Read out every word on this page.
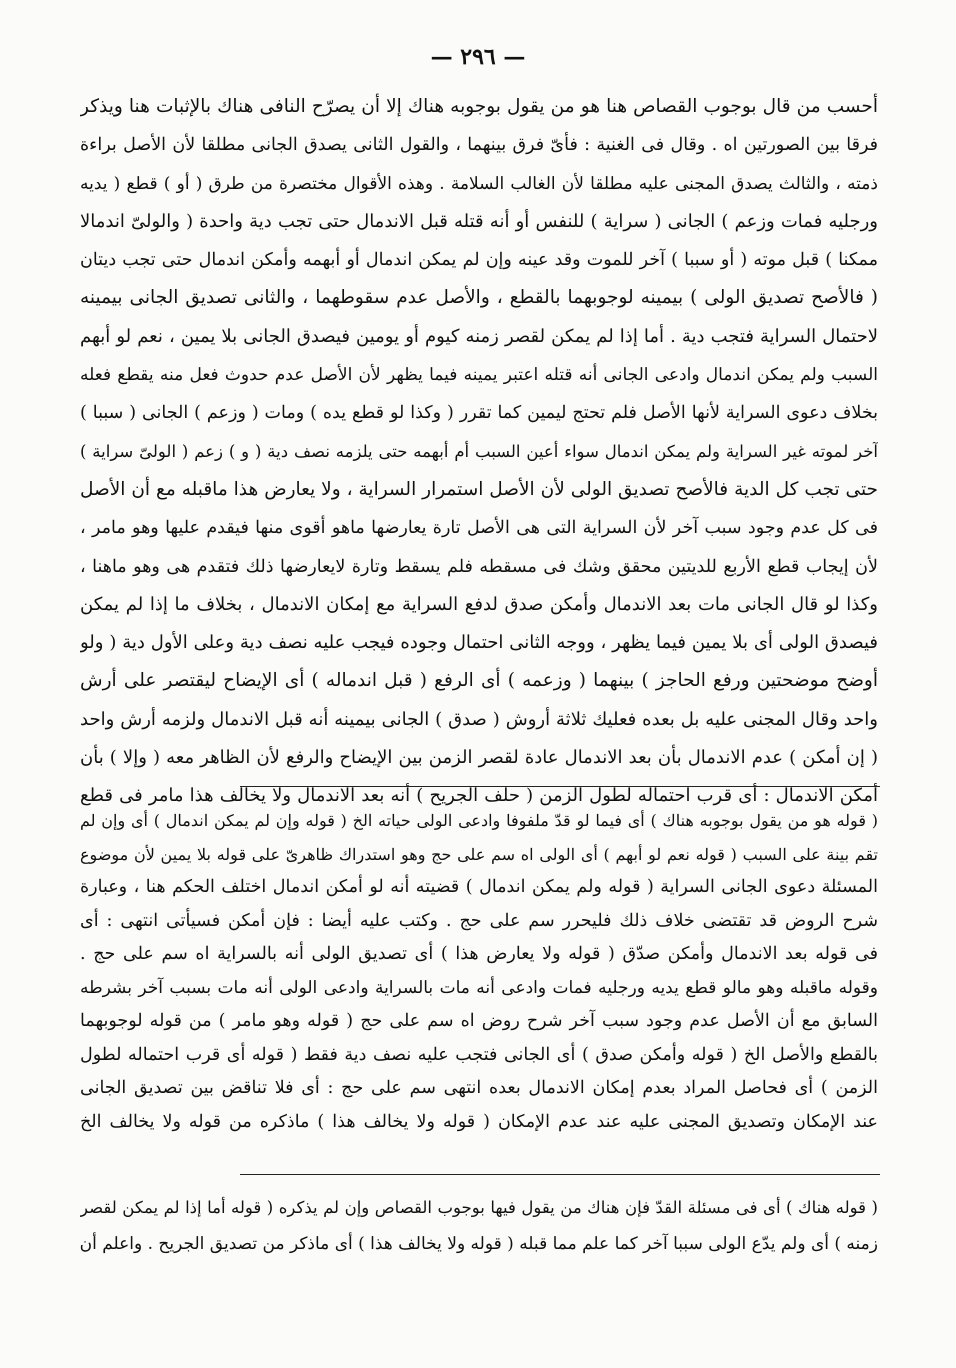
— ٢٩٦ —
أحسب من قال بوجوب القصاص هنا هو من يقول بوجوبه هناك إلا أن يصرّح النافى هناك بالإثبات هنا ويذكر
فرقا بين الصورتين اه . وقال فى الغنية : فأىّ فرق بينهما ، والقول الثانى يصدق الجانى مطلقا لأن الأصل براءة
ذمته ، والثالث يصدق المجنى عليه مطلقا لأن الغالب السلامة . وهذه الأقوال مختصرة من طرق ( أو ) قطع ( يديه
ورجليه فمات وزعم ) الجانى ( سراية ) للنفس أو أنه قتله قبل الاندمال حتى تجب دية واحدة ( والولىّ اندمالا
ممكنا ) قبل موته ( أو سببا ) آخر للموت وقد عينه وإن لم يمكن اندمال أو أبهمه وأمكن اندمال حتى تجب ديتان
( فالأصح تصديق الولى ) بيمينه لوجوبهما بالقطع ، والأصل عدم سقوطهما ، والثانى تصديق الجانى بيمينه
لاحتمال السراية فتجب دية . أما إذا لم يمكن لقصر زمنه كيوم أو يومين فيصدق الجانى بلا يمين ، نعم لو أبهم
السبب ولم يمكن اندمال وادعى الجانى أنه قتله اعتبر يمينه فيما يظهر لأن الأصل عدم حدوث فعل منه يقطع فعله
بخلاف دعوى السراية لأنها الأصل فلم تحتج ليمين كما تقرر ( وكذا لو قطع يده ) ومات ( وزعم ) الجانى ( سببا )
آخر لموته غير السراية ولم يمكن اندمال سواء أعين السبب أم أبهمه حتى يلزمه نصف دية ( و ) زعم ( الولىّ سراية )
حتى تجب كل الدية فالأصح تصديق الولى لأن الأصل استمرار السراية ، ولا يعارض هذا ماقبله مع أن الأصل
فى كل عدم وجود سبب آخر لأن السراية التى هى الأصل تارة يعارضها ماهو أقوى منها فيقدم عليها وهو مامر ،
لأن إيجاب قطع الأربع للديتين محقق وشك فى مسقطه فلم يسقط وتارة لايعارضها ذلك فتقدم هى وهو ماهنا ،
وكذا لو قال الجانى مات بعد الاندمال وأمكن صدق لدفع السراية مع إمكان الاندمال ، بخلاف ما إذا لم يمكن
فيصدق الولى أى بلا يمين فيما يظهر ، ووجه الثانى احتمال وجوده فيجب عليه نصف دية وعلى الأول دية ( ولو
أوضح موضحتين ورفع الحاجز ) بينهما ( وزعمه ) أى الرفع ( قبل اندماله ) أى الإيضاح ليقتصر على أرش
واحد وقال المجنى عليه بل بعده فعليك ثلاثة أروش ( صدق ) الجانى بيمينه أنه قبل الاندمال ولزمه أرش واحد
( إن أمكن ) عدم الاندمال بأن بعد الاندمال عادة لقصر الزمن بين الإيضاح والرفع لأن الظاهر معه ( وإلا ) بأن
أمكن الاندمال : أى قرب احتماله لطول الزمن ( حلف الجريح ) أنه بعد الاندمال ولا يخالف هذا مامر فى قطع
( قوله هو من يقول بوجوبه هناك ) أى فيما لو قدّ ملفوفا وادعى الولى حياته الخ ( قوله وإن لم يمكن اندمال ) أى وإن لم
تقم بينة على السبب ( قوله نعم لو أبهم ) أى الولى اه سم على حج وهو استدراك ظاهرىّ على قوله بلا يمين لأن موضوع
المسئلة دعوى الجانى السراية ( قوله ولم يمكن اندمال ) قضيته أنه لو أمكن اندمال اختلف الحكم هنا ، وعبارة
شرح الروض قد تقتضى خلاف ذلك فليحرر سم على حج . وكتب عليه أيضا : فإن أمكن فسيأتى انتهى : أى
فى قوله بعد الاندمال وأمكن صدّق ( قوله ولا يعارض هذا ) أى تصديق الولى أنه بالسراية اه سم على حج .
وقوله ماقبله وهو مالو قطع يديه ورجليه فمات وادعى أنه مات بالسراية وادعى الولى أنه مات بسبب آخر بشرطه
السابق مع أن الأصل عدم وجود سبب آخر شرح روض اه سم على حج ( قوله وهو مامر ) من قوله لوجوبهما
بالقطع والأصل الخ ( قوله وأمكن صدق ) أى الجانى فتجب عليه نصف دية فقط ( قوله أى قرب احتماله لطول
الزمن ) أى فحاصل المراد بعدم إمكان الاندمال بعده انتهى سم على حج : أى فلا تناقض بين تصديق الجانى
عند الإمكان وتصديق المجنى عليه عند عدم الإمكان ( قوله ولا يخالف هذا ) ماذكره من قوله ولا يخالف الخ
( قوله هناك ) أى فى مسئلة القدّ فإن هناك من يقول فيها بوجوب القصاص وإن لم يذكره ( قوله أما إذا لم يمكن لقصر
زمنه ) أى ولم يدّع الولى سببا آخر كما علم مما قبله ( قوله ولا يخالف هذا ) أى ماذكر من تصديق الجريح . واعلم أن
